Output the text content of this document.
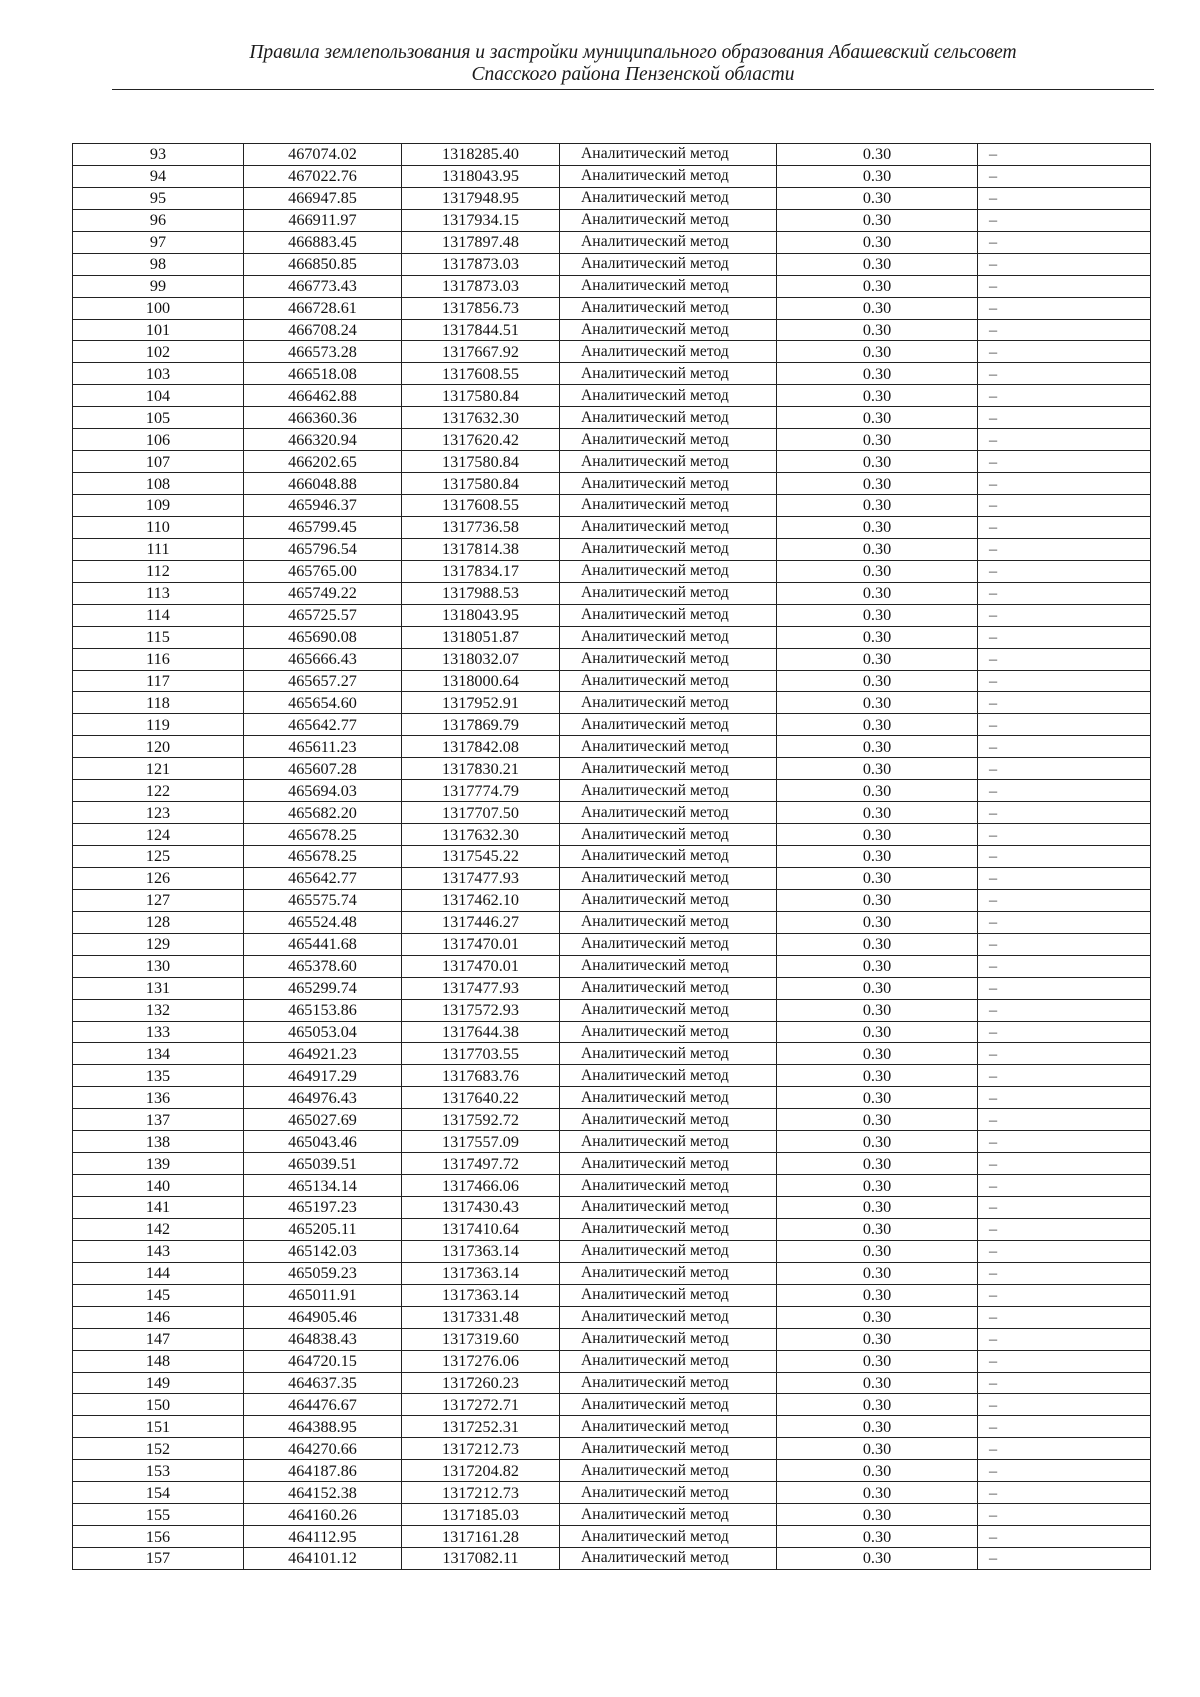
Правила землепользования и застройки муниципального образования Абашевский сельсовет
Спасского района Пензенской области
93	467074.02	1318285.40	Аналитический метод	0.30	–
94	467022.76	1318043.95	Аналитический метод	0.30	–
95	466947.85	1317948.95	Аналитический метод	0.30	–
96	466911.97	1317934.15	Аналитический метод	0.30	–
97	466883.45	1317897.48	Аналитический метод	0.30	–
98	466850.85	1317873.03	Аналитический метод	0.30	–
99	466773.43	1317873.03	Аналитический метод	0.30	–
100	466728.61	1317856.73	Аналитический метод	0.30	–
101	466708.24	1317844.51	Аналитический метод	0.30	–
102	466573.28	1317667.92	Аналитический метод	0.30	–
103	466518.08	1317608.55	Аналитический метод	0.30	–
104	466462.88	1317580.84	Аналитический метод	0.30	–
105	466360.36	1317632.30	Аналитический метод	0.30	–
106	466320.94	1317620.42	Аналитический метод	0.30	–
107	466202.65	1317580.84	Аналитический метод	0.30	–
108	466048.88	1317580.84	Аналитический метод	0.30	–
109	465946.37	1317608.55	Аналитический метод	0.30	–
110	465799.45	1317736.58	Аналитический метод	0.30	–
111	465796.54	1317814.38	Аналитический метод	0.30	–
112	465765.00	1317834.17	Аналитический метод	0.30	–
113	465749.22	1317988.53	Аналитический метод	0.30	–
114	465725.57	1318043.95	Аналитический метод	0.30	–
115	465690.08	1318051.87	Аналитический метод	0.30	–
116	465666.43	1318032.07	Аналитический метод	0.30	–
117	465657.27	1318000.64	Аналитический метод	0.30	–
118	465654.60	1317952.91	Аналитический метод	0.30	–
119	465642.77	1317869.79	Аналитический метод	0.30	–
120	465611.23	1317842.08	Аналитический метод	0.30	–
121	465607.28	1317830.21	Аналитический метод	0.30	–
122	465694.03	1317774.79	Аналитический метод	0.30	–
123	465682.20	1317707.50	Аналитический метод	0.30	–
124	465678.25	1317632.30	Аналитический метод	0.30	–
125	465678.25	1317545.22	Аналитический метод	0.30	–
126	465642.77	1317477.93	Аналитический метод	0.30	–
127	465575.74	1317462.10	Аналитический метод	0.30	–
128	465524.48	1317446.27	Аналитический метод	0.30	–
129	465441.68	1317470.01	Аналитический метод	0.30	–
130	465378.60	1317470.01	Аналитический метод	0.30	–
131	465299.74	1317477.93	Аналитический метод	0.30	–
132	465153.86	1317572.93	Аналитический метод	0.30	–
133	465053.04	1317644.38	Аналитический метод	0.30	–
134	464921.23	1317703.55	Аналитический метод	0.30	–
135	464917.29	1317683.76	Аналитический метод	0.30	–
136	464976.43	1317640.22	Аналитический метод	0.30	–
137	465027.69	1317592.72	Аналитический метод	0.30	–
138	465043.46	1317557.09	Аналитический метод	0.30	–
139	465039.51	1317497.72	Аналитический метод	0.30	–
140	465134.14	1317466.06	Аналитический метод	0.30	–
141	465197.23	1317430.43	Аналитический метод	0.30	–
142	465205.11	1317410.64	Аналитический метод	0.30	–
143	465142.03	1317363.14	Аналитический метод	0.30	–
144	465059.23	1317363.14	Аналитический метод	0.30	–
145	465011.91	1317363.14	Аналитический метод	0.30	–
146	464905.46	1317331.48	Аналитический метод	0.30	–
147	464838.43	1317319.60	Аналитический метод	0.30	–
148	464720.15	1317276.06	Аналитический метод	0.30	–
149	464637.35	1317260.23	Аналитический метод	0.30	–
150	464476.67	1317272.71	Аналитический метод	0.30	–
151	464388.95	1317252.31	Аналитический метод	0.30	–
152	464270.66	1317212.73	Аналитический метод	0.30	–
153	464187.86	1317204.82	Аналитический метод	0.30	–
154	464152.38	1317212.73	Аналитический метод	0.30	–
155	464160.26	1317185.03	Аналитический метод	0.30	–
156	464112.95	1317161.28	Аналитический метод	0.30	–
157	464101.12	1317082.11	Аналитический метод	0.30	–
